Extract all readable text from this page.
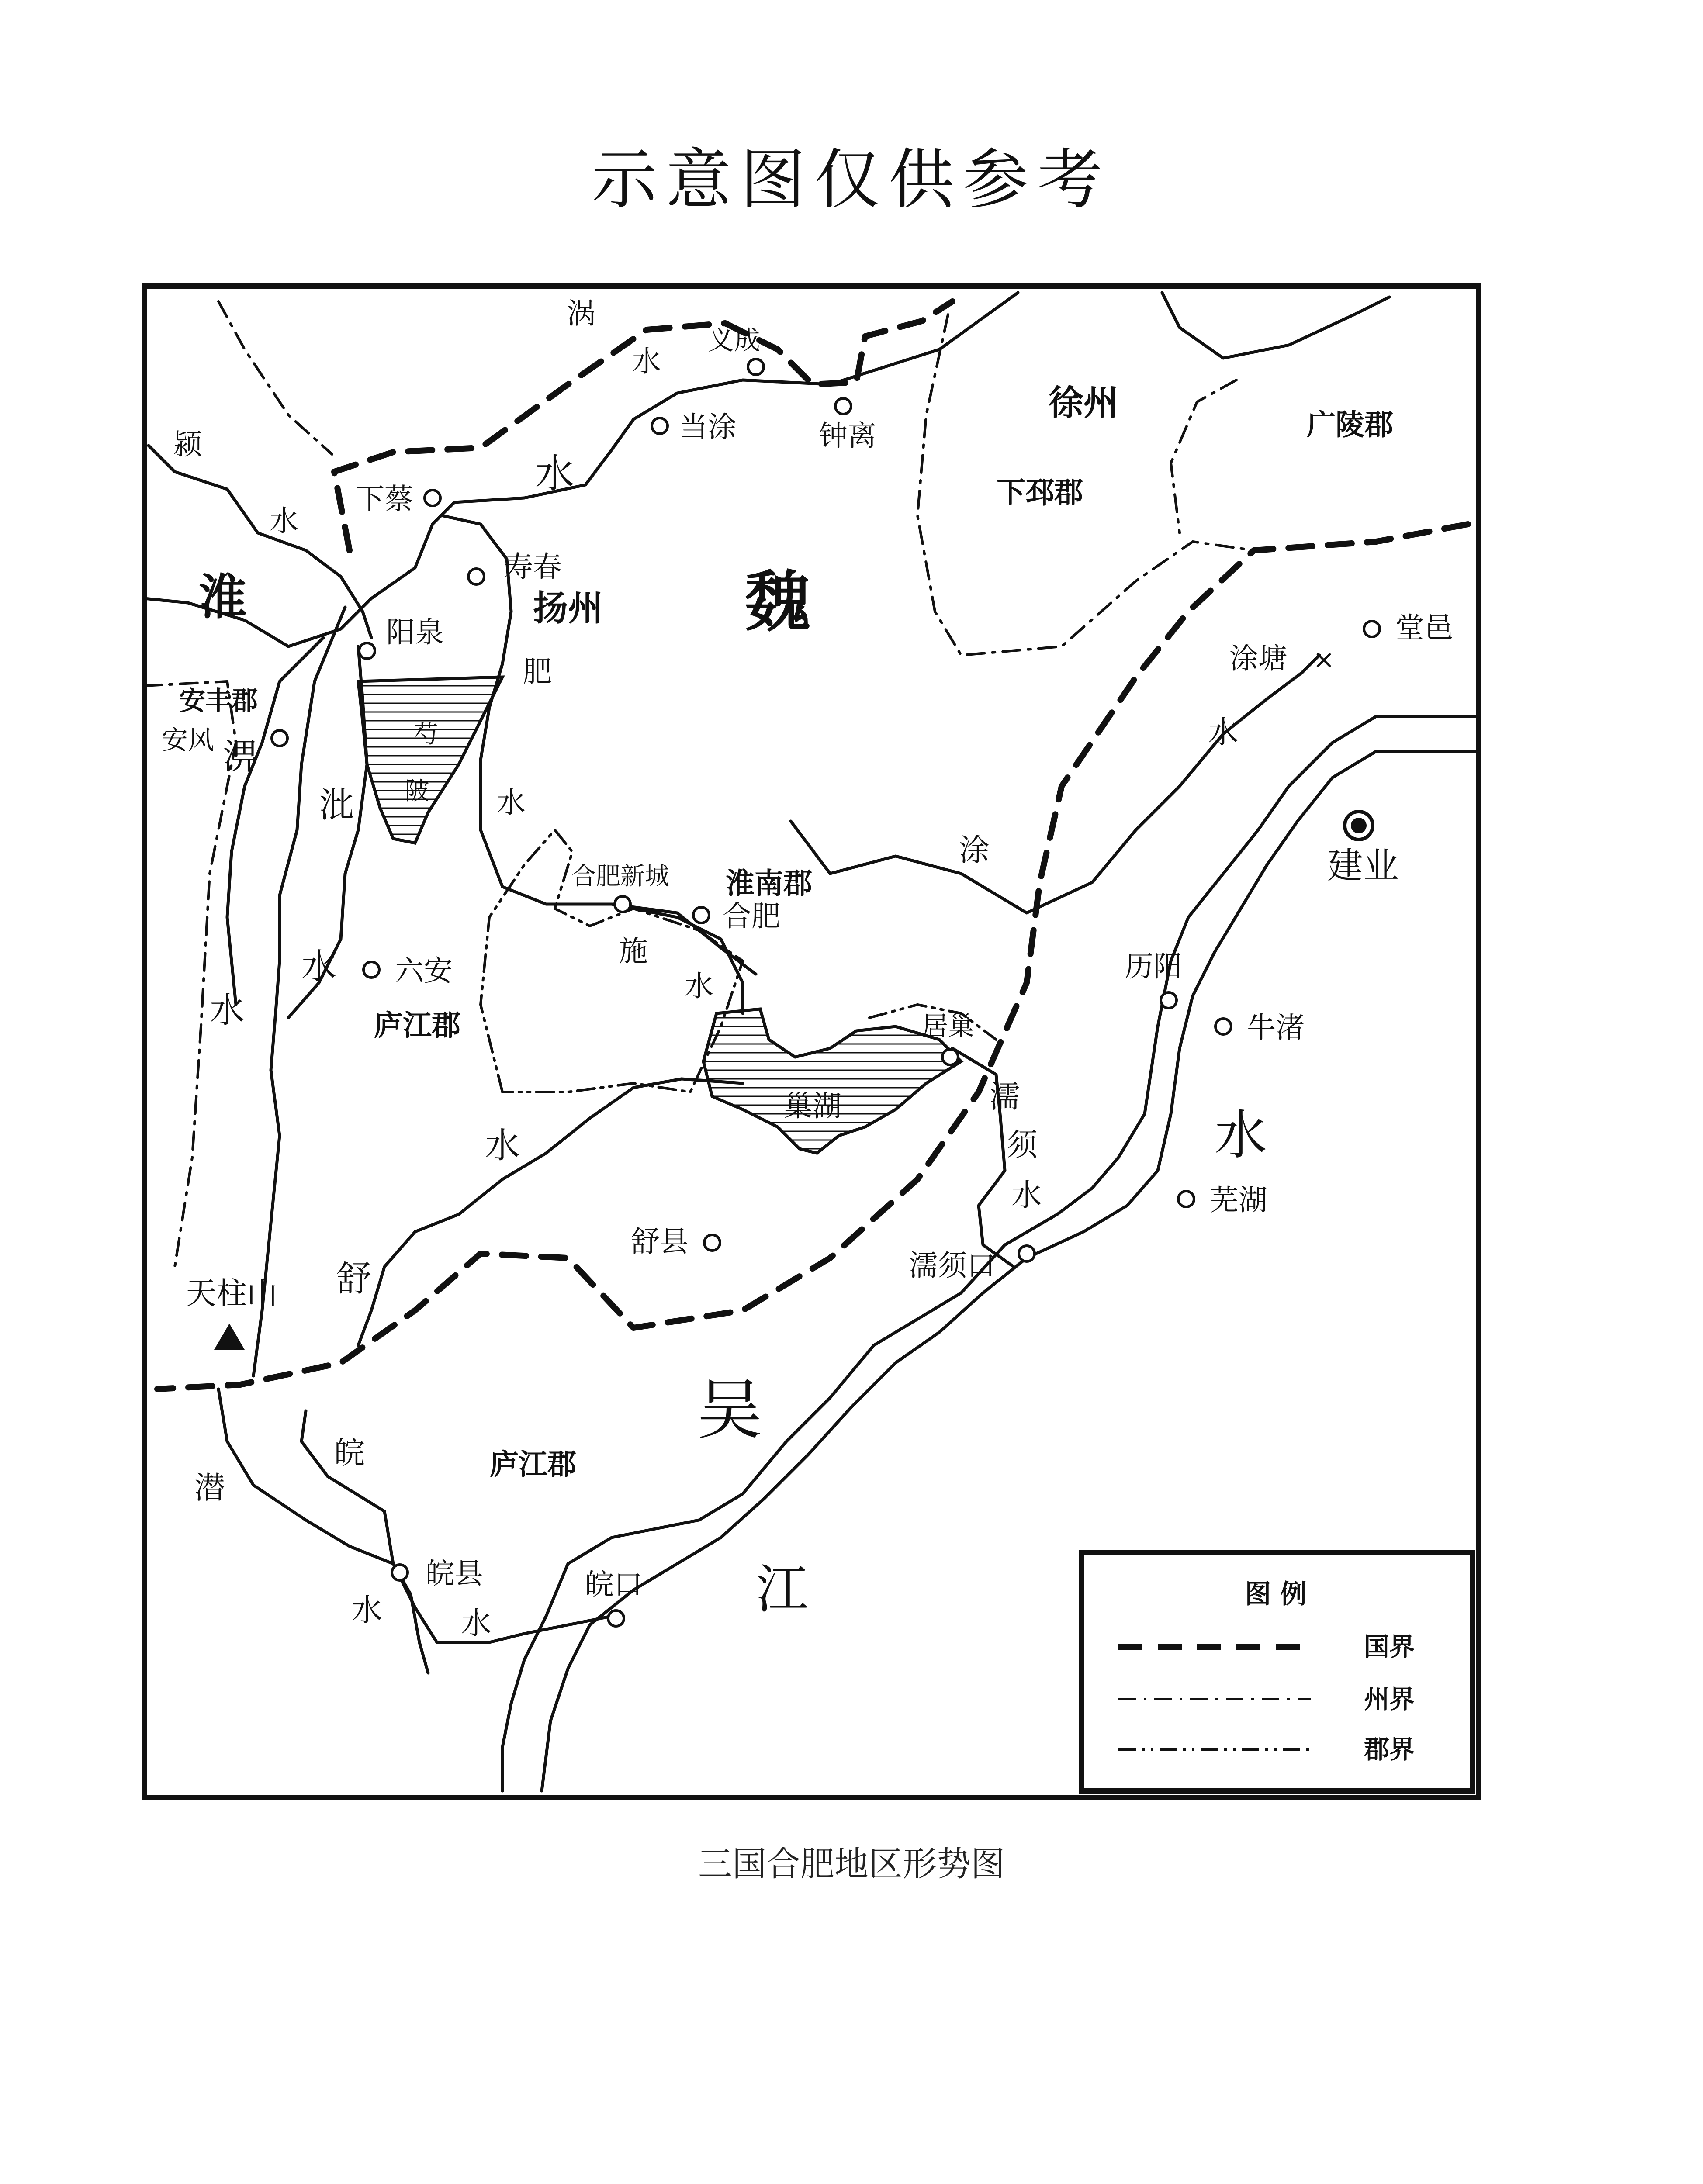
示意图仅供参考
×
魏
吴
徐州
扬州
下邳郡
广陵郡
安丰郡
淮南郡
庐江郡
庐江郡
义成
当涂	钟离
下蔡
寿春
阳泉
安风
合肥新城
合肥
六安
居巢
堂邑
建业
历阳
牛渚
芜湖
濡须口
舒县
皖县	皖口
涂塘
天柱山
涡
水
颍
水
淮
水
肥
水
施
水
涂
水
淠
水
沘
水
舒
水
濡
须
水
江
水
皖
水
潜
水
芍
陂
巢湖
图 例
国界
州界
郡界
三国合肥地区形势图
